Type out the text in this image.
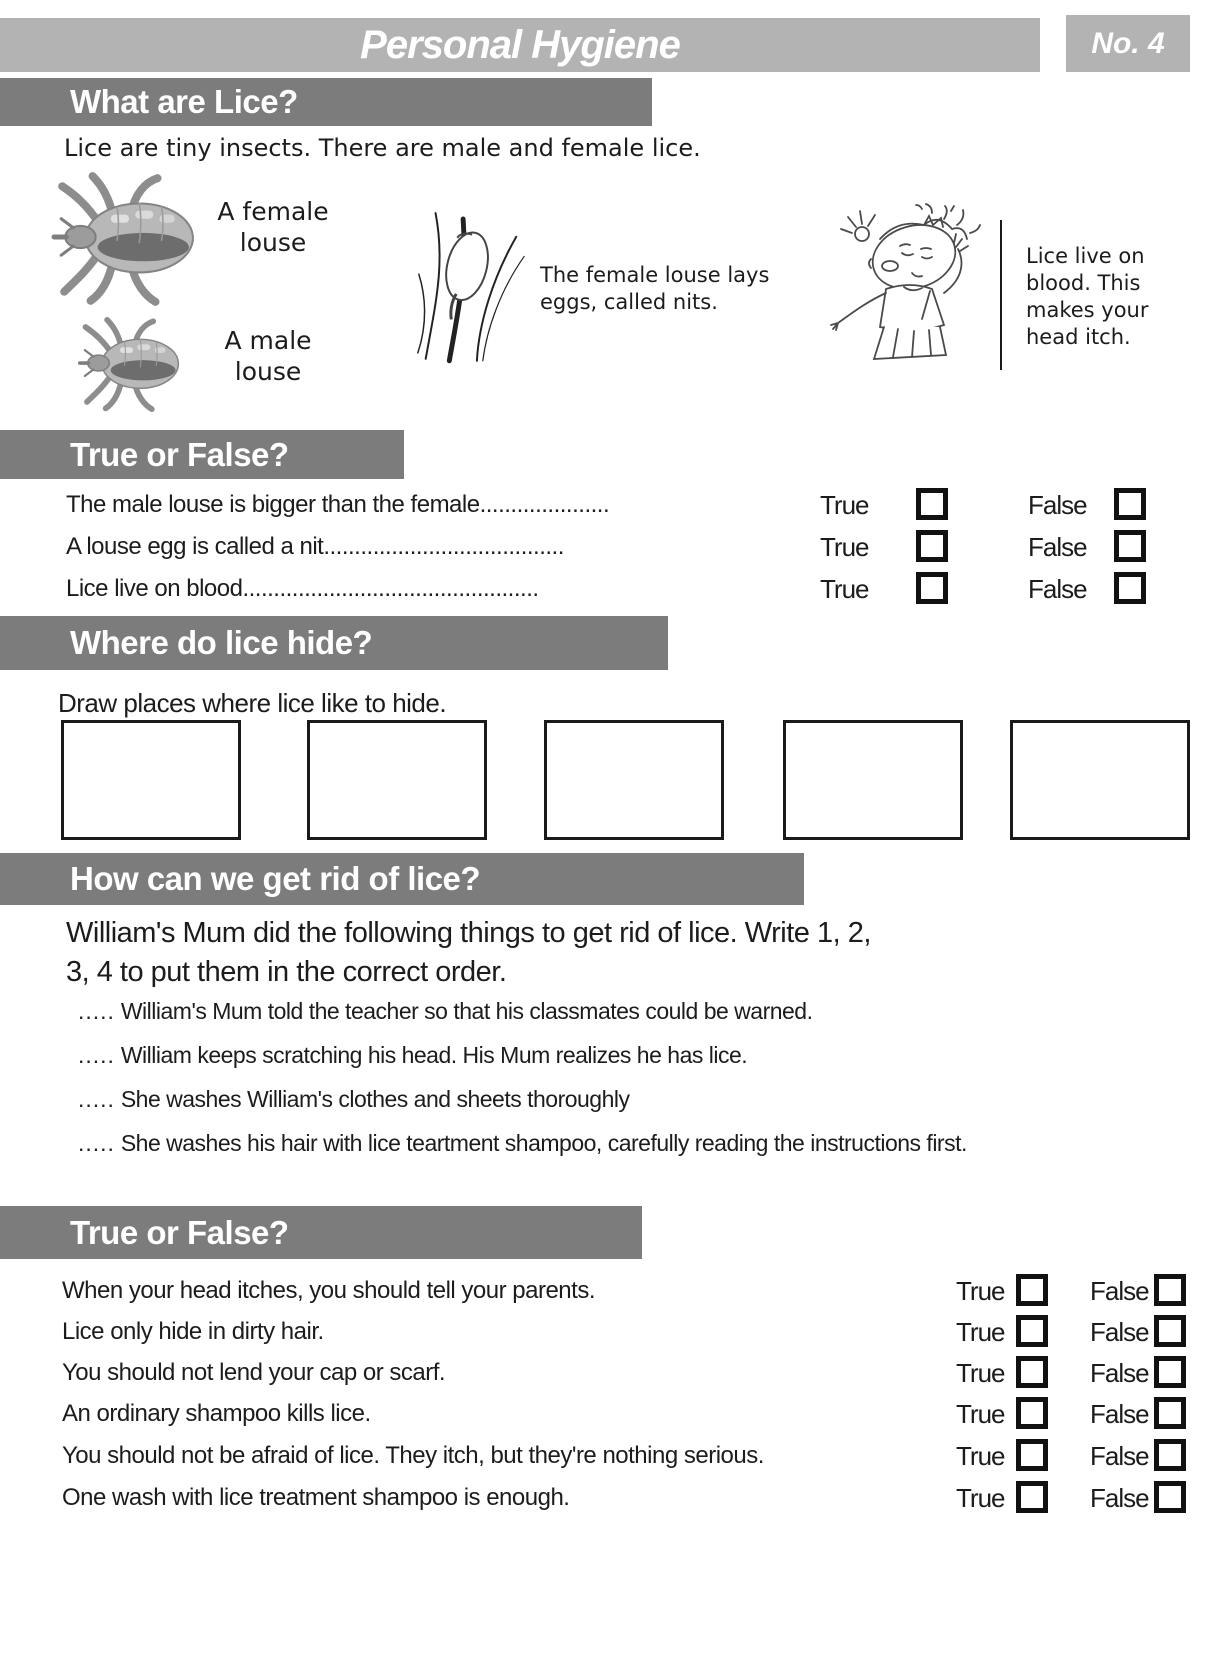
Personal Hygiene	No. 4
What are Lice?
Lice are tiny insects. There are male and female lice.
A female louse
A male louse
The female louse lays eggs, called nits.
Lice live on blood. This makes your head itch.
True or False?
The male louse is bigger than the female.....................	True	False
A louse egg is called a nit.......................................	True	False
Lice live on blood................................................	True	False
Where do lice hide?
Draw places where lice like to hide.
How can we get rid of lice?
William's Mum did the following things to get rid of lice. Write 1, 2,
3, 4 to put them in the correct order.
..... William's Mum told the teacher so that his classmates could be warned.
..... William keeps scratching his head. His Mum realizes he has lice.
..... She washes William's clothes and sheets thoroughly
..... She washes his hair with lice teartment shampoo, carefully reading the instructions first.
True or False?
When your head itches, you should tell your parents.	True	False
Lice only hide in dirty hair.	True	False
You should not lend your cap or scarf.	True	False
An ordinary shampoo kills lice.	True	False
You should not be afraid of lice. They itch, but they're nothing serious.	True	False
One wash with lice treatment shampoo is enough.	True	False
